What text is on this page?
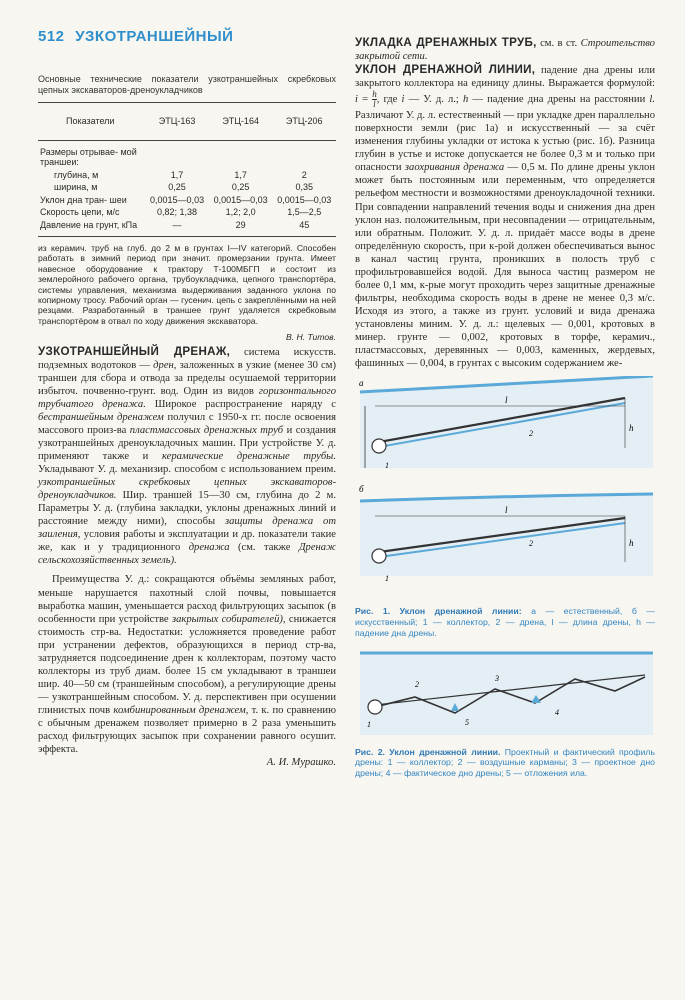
512 УЗКОТРАНШЕЙНЫЙ
Основные технические показатели узкотраншейных скребковых цепных экскаваторов-дреноукладчиков
Показатели	ЭТЦ-163	ЭТЦ-164	ЭТЦ-206
Размеры отрывае- мой траншеи:			
глубина, м	1,7	1,7	2
ширина, м	0,25	0,25	0,35
Уклон дна тран- шеи	0,0015—0,03	0,0015—0,03	0,0015—0,03
Скорость цепи, м/с	0,82; 1,38	1,2; 2,0	1,5—2,5
Давление на грунт, кПа	—	29	45

из керамич. труб на глуб. до 2 м в грунтах I—IV категорий. Способен работать в зимний период при значит. промерзании грунта. Имеет навесное оборудование к трактору Т-100МБГП и состоит из землеройного рабочего органа, трубоукладчика, цепного транспортёра, системы управления, механизма выдерживания заданного уклона по копирному тросу. Рабочий орган — гусенич. цепь с закреплёнными на ней резцами. Разработанный в траншее грунт удаляется скребковым транспортёром в отвал по ходу движения экскаватора.

В. Н. Титов.

УЗКОТРАНШЕЙНЫЙ ДРЕНАЖ, система искусств. подземных водотоков — дрен, заложенных в узкие (менее 30 см) траншеи для сбора и отвода за пределы осушаемой территории избыточ. почвенно-грунт. вод. Один из видов горизонтального трубчатого дренажа. Широкое распространение наряду с бестраншейным дренажем получил с 1950-х гг. после освоения массового произ-ва пластмассовых дренажных труб и создания узкотраншейных дреноукладочных машин. При устройстве У. д. применяют также и керамические дренажные трубы. Укладывают У. д. механизир. способом с использованием преим. узкотраншейных скребковых цепных экскаваторов-дреноукладчиков. Шир. траншей 15—30 см, глубина до 2 м. Параметры У. д. (глубина закладки, уклоны дренажных линий и расстояние между ними), способы защиты дренажа от заиления, условия работы и эксплуатации и др. показатели такие же, как и у традиционного дренажа (см. также Дренаж сельскохозяйственных земель).

Преимущества У. д.: сокращаются объёмы земляных работ, меньше нарушается пахотный слой почвы, повышается выработка машин, уменьшается расход фильтрующих засыпок (в особенности при устройстве закрытых собирателей), снижается стоимость стр-ва. Недостатки: усложняется проведение работ при устранении дефектов, образующихся в период стр-ва, затрудняется подсоединение дрен к коллекторам, поэтому часто коллекторы из труб диам. более 15 см укладывают в траншеи шир. 40—50 см (траншейным способом), а регулирующие дрены — узкотраншейным способом. У. д. перспективен при осушении глинистых почв комбинированным дренажем, т. к. по сравнению с обычным дренажем позволяет примерно в 2 раза уменьшить расход фильтрующих засыпок при сохранении равного осушит. эффекта.

А. И. Мурашко.

УКЛАДКА ДРЕНАЖНЫХ ТРУБ, см. в ст. Строительство закрытой сети.

УКЛОН ДРЕНАЖНОЙ ЛИНИИ, падение дна дрены или закрытого коллектора на единицу длины. Выражается формулой: $i = \frac{h}{l}$ , где i — У. д. л.; h — падение дна дрены на расстоянии l. Различают У. д. л. естественный — при укладке дрен параллельно поверхности земли (рис 1а) и искусственный — за счёт изменения глубины укладки от истока к устью (рис. 1б). Разница глубин в устье и истоке допускается не более 0,3 м и только при опасности заохривания дренажа — 0,5 м. По длине дрены уклон может быть постоянным или переменным, что определяется рельефом местности и возможностями дреноукладочной техники. При совпадении направлений течения воды и снижения дна дрен уклон наз. положительным, при несовпадении — отрицательным, или обратным. Положит. У. д. л. придаёт массе воды в дрене определённую скорость, при к-рой должен обеспечиваться вынос в канал частиц грунта, проникших в полость труб с профильтровавшейся водой. Для выноса частиц размером не более 0,1 мм, к-рые могут проходить через защитные дренажные фильтры, необходима скорость воды в дрене не менее 0,3 м/с. Исходя из этого, а также из грунт. условий и вида дренажа установлены миним. У. д. л.: щелевых — 0,001, кротовых в минер. грунте — 0,002, кротовых в торфе, керамич., пластмассовых, деревянных — 0,003, каменных, жердевых, фашинных — 0,004, в грунтах с высоким содержанием же-

а
l
h
2
1
б
l
h
2
1
Рис. 1. Уклон дренажной линии: а — естественный, б — искусственный; 1 — коллектор, 2 — дрена, l — длина дрены, h — падение дна дрены.
1
2
3
4
5
Рис. 2. Уклон дренажной линии. Проектный и фактический профиль дрены: 1 — коллектор; 2 — воздушные карманы; 3 — проектное дно дрены; 4 — фактическое дно дрены; 5 — отложения ила.
